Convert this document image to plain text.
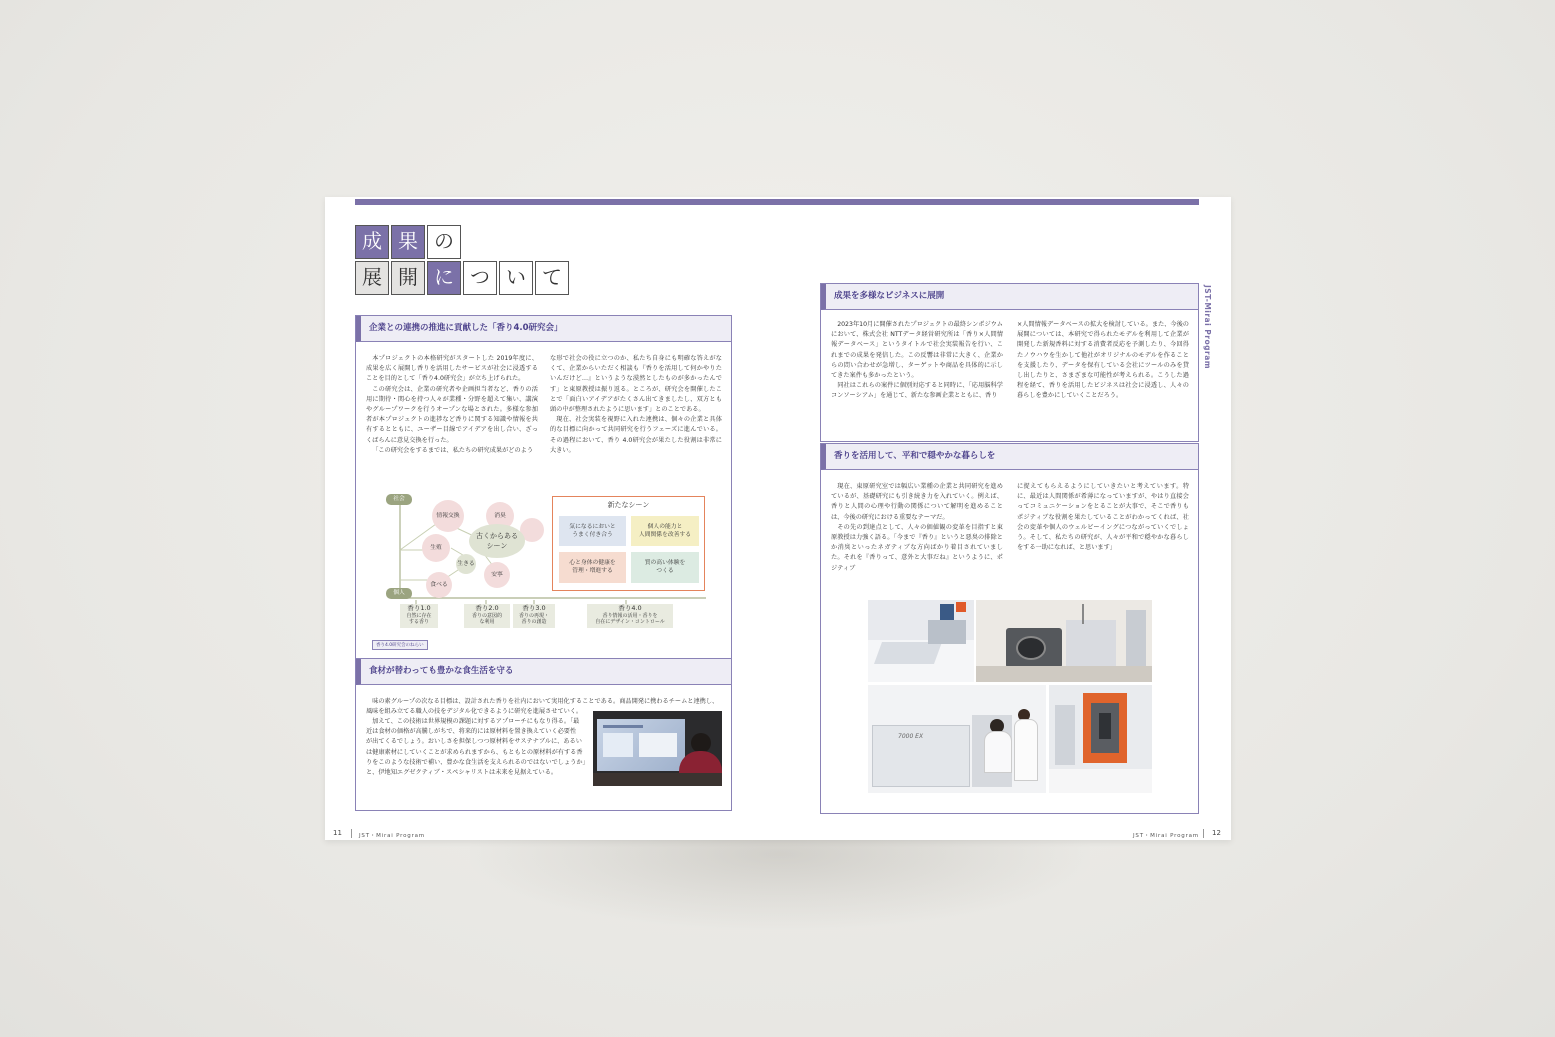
成 果 の
展 開 に つ い て
企業との連携の推進に貢献した「香り4.0研究会」

本プロジェクトの本格研究がスタートした 2019年度に、成果を広く展開し香りを活用したサービスが社会に浸透することを目的として「香り4.0研究会」が立ち上げられた。

この研究会は、企業の研究者や企画担当者など、香りの活用に期待・関心を持つ人々が業種・分野を超えて集い、講演やグループワークを行うオープンな場とされた。多様な参加者が本プロジェクトの進捗など香りに関する知識や情報を共有するとともに、ユーザー目線でアイデアを出し合い、ざっくばらんに意見交換を行った。

「この研究会をするまでは、私たちの研究成果がどのよう

な形で社会の役に立つのか、私たち自身にも明確な答えがなくて、企業からいただく相談も『香りを活用して何かやりたいんだけど…』というような漠然としたものが多かったんです」と東原教授は振り返る。ところが、研究会を開催したことで「面白いアイデアがたくさん出てきましたし、双方とも頭の中が整理されたように思います」とのことである。

現在、社会実装を視野に入れた連携は、個々の企業と具体的な目標に向かって共同研究を行うフェーズに進んでいる。その過程において、香り 4.0研究会が果たした役割は非常に大きい。

社会
個人
情報交換	消臭
生殖
生きる
安寧
食べる
古くからある
シーン
新たなシーン
気になるにおいと
うまく付き合う
個人の能力と
人間関係を改善する
心と身体の健康を
管理・増進する
質の高い体験を
つくる
香り1.0
自然に存在
する香り
香り2.0
香りの意図的
な利用
香り3.0
香りの再現・
香りの創造
香り4.0
香り情報の活用・香りを
自在にデザイン・コントロール
香り4.0研究会のねらい
食材が替わっても豊かな食生活を守る
味の素グループの次なる目標は、設計された香りを社内において実用化することである。商品開発に携わるチームと連携し、
風味を組み立てる職人の技をデジタル化できるように研究を進展させていく。
加えて、この技術は世界規模の課題に対するアプローチにもなり得る。「最
近は食材の価格が高騰しがちで、将来的には原材料を置き換えていく必要性
が出てくるでしょう。おいしさを担保しつつ原材料をサステナブルに、あるい
は健康素材にしていくことが求められますから、もともとの原材料が有する香
りをこのような技術で補い、豊かな食生活を支えられるのではないでしょうか」
と、伊地知エグゼクティブ・スペシャリストは未来を見据えている。
11	JST・Mirai Program
JST-Mirai Program
成果を多様なビジネスに展開

2023年10月に開催されたプロジェクトの最終シンポジウムにおいて、株式会社 NTTデータ経営研究所は「香り×人間情報データベース」というタイトルで社会実装報告を行い、これまでの成果を発信した。この反響は非常に大きく、企業からの問い合わせが急増し、ターゲットや商品を具体的に示してきた案件も多かったという。

同社はこれらの案件に個別対応すると同時に、「応用脳科学コンソーシアム」を通じて、新たな参画企業とともに、香り

×人間情報データベースの拡大を検討している。また、今後の展開については、本研究で得られたモデルを利用して企業が開発した新規香料に対する消費者反応を予測したり、今回得たノウハウを生かして他社がオリジナルのモデルを作ることを支援したり、データを保有している会社にツールのみを貸し出したりと、さまざまな可能性が考えられる。こうした過程を経て、香りを活用したビジネスは社会に浸透し、人々の暮らしを豊かにしていくことだろう。

香りを活用して、平和で穏やかな暮らしを

現在、東原研究室では幅広い業種の企業と共同研究を進めているが、基礎研究にも引き続き力を入れていく。例えば、香りと人間の心理や行動の関係について解明を進めることは、今後の研究における重要なテーマだ。

その先の到達点として、人々の価値観の変革を目指すと東原教授は力強く語る。「今まで『香り』というと悪臭の排除とか消臭といったネガティブな方向ばかり着目されていました。それを『香りって、意外と大事だね』というように、ポジティブ

に捉えてもらえるようにしていきたいと考えています。特に、最近は人間関係が希薄になっていますが、やはり直接会ってコミュニケーションをとることが大事で、そこで香りもポジティブな役割を果たしていることがわかってくれば、社会の変革や個人のウェルビーイングにつながっていくでしょう。そして、私たちの研究が、人々が平和で穏やかな暮らしをする一助になれば、と思います」

7000 EX
JST・Mirai Program 12
